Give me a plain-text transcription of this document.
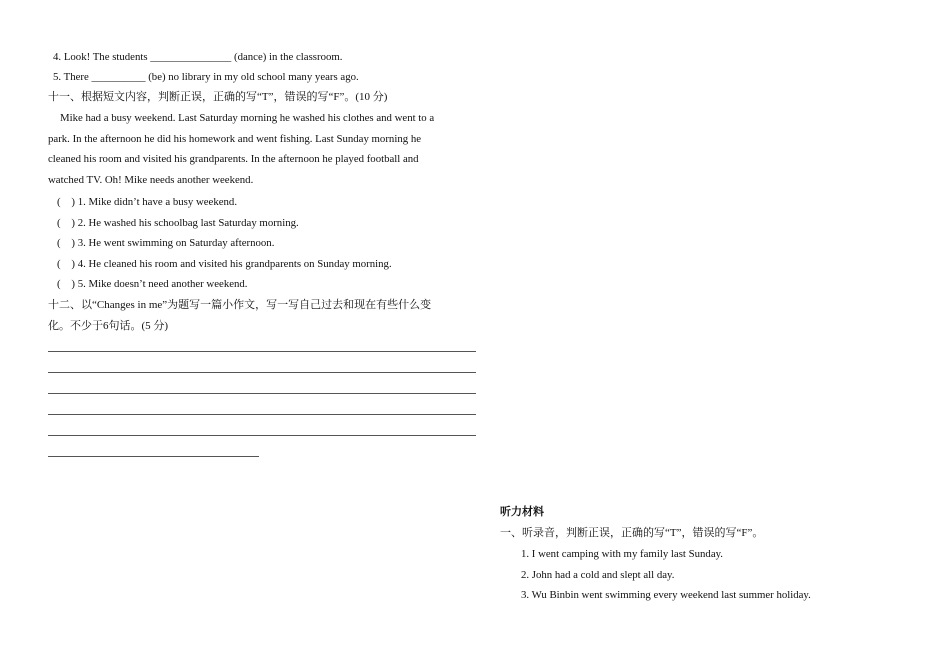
4. Look! The students _______________ (dance) in the classroom.
5. There __________ (be) no library in my old school many years ago.
十一、根据短文内容，判断正误，正确的写“T”，错误的写“F”。(10 分)
Mike had a busy weekend. Last Saturday morning he washed his clothes and went to a
park. In the afternoon he did his homework and went fishing. Last Sunday morning he
cleaned his room and visited his grandparents. In the afternoon he played football and
watched TV. Oh! Mike needs another weekend.
(    ) 1. Mike didn’t have a busy weekend.
(    ) 2. He washed his schoolbag last Saturday morning.
(    ) 3. He went swimming on Saturday afternoon.
(    ) 4. He cleaned his room and visited his grandparents on Sunday morning.
(    ) 5. Mike doesn’t need another weekend.
十二、以“Changes in me”为题写一篇小作文，写一写自己过去和现在有些什么变
化。不少于6句话。(5 分)
听力材料
一、听录音，判断正误，正确的写“T”，错误的写“F”。
1. I went camping with my family last Sunday.
2. John had a cold and slept all day.
3. Wu Binbin went swimming every weekend last summer holiday.
